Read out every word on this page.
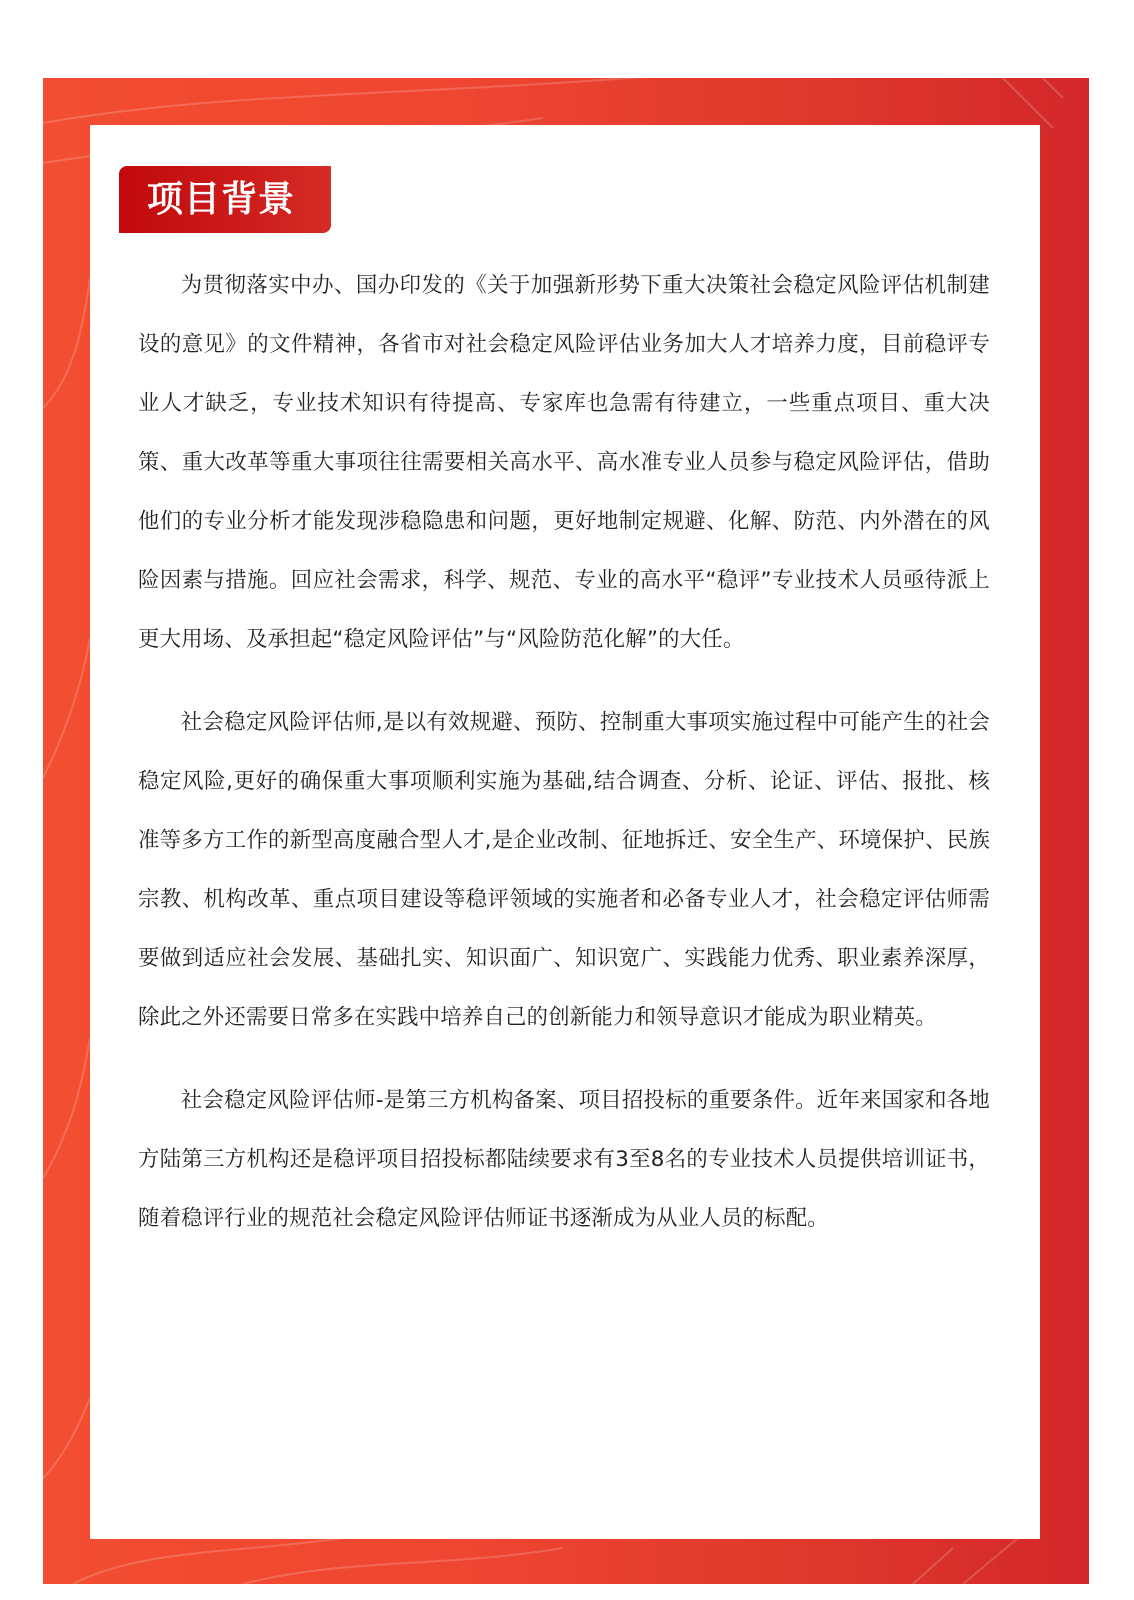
项目背景

为贯彻落实中办、国办印发的《关于加强新形势下重大决策社会稳定风险评估机制建设的意见》的文件精神，各省市对社会稳定风险评估业务加大人才培养力度，目前稳评专业人才缺乏，专业技术知识有待提高、专家库也急需有待建立，一些重点项目、重大决策、重大改革等重大事项往往需要相关高水平、高水准专业人员参与稳定风险评估，借助他们的专业分析才能发现涉稳隐患和问题，更好地制定规避、化解、防范、内外潜在的风险因素与措施。回应社会需求，科学、规范、专业的高水平“稳评”专业技术人员亟待派上更大用场、及承担起“稳定风险评估”与“风险防范化解”的大任。

社会稳定风险评估师,是以有效规避、预防、控制重大事项实施过程中可能产生的社会稳定风险,更好的确保重大事项顺利实施为基础,结合调查、分析、论证、评估、报批、核准等多方工作的新型高度融合型人才,是企业改制、征地拆迁、安全生产、环境保护、民族宗教、机构改革、重点项目建设等稳评领域的实施者和必备专业人才，社会稳定评估师需要做到适应社会发展、基础扎实、知识面广、知识宽广、实践能力优秀、职业素养深厚，除此之外还需要日常多在实践中培养自己的创新能力和领导意识才能成为职业精英。

社会稳定风险评估师-是第三方机构备案、项目招投标的重要条件。近年来国家和各地方陆第三方机构还是稳评项目招投标都陆续要求有3至8名的专业技术人员提供培训证书， 随着稳评行业的规范社会稳定风险评估师证书逐渐成为从业人员的标配。
